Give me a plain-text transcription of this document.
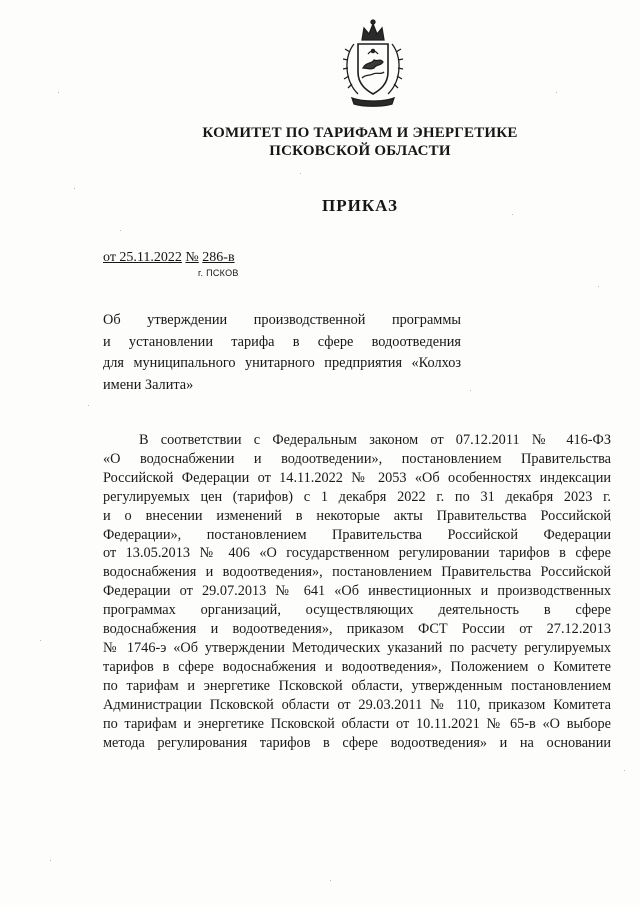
КОМИТЕТ ПО ТАРИФАМ И ЭНЕРГЕТИКЕ
ПСКОВСКОЙ ОБЛАСТИ
ПРИКАЗ
от 25.11.2022 № 286-в
г. ПСКОВ

Об утверждении производственной программы

и установлении тарифа в сфере водоотведения

для муниципального унитарного предприятия «Колхоз

имени Залита»

В соответствии с Федеральным законом от 07.12.2011 № 416-ФЗ
«О водоснабжении и водоотведении», постановлением Правительства
Российской Федерации от 14.11.2022 № 2053 «Об особенностях индексации
регулируемых цен (тарифов) с 1 декабря 2022 г. по 31 декабря 2023 г.
и о внесении изменений в некоторые акты Правительства Российской
Федерации», постановлением Правительства Российской Федерации
от 13.05.2013 № 406 «О государственном регулировании тарифов в сфере
водоснабжения и водоотведения», постановлением Правительства Российской
Федерации от 29.07.2013 № 641 «Об инвестиционных и производственных
программах организаций, осуществляющих деятельность в сфере
водоснабжения и водоотведения», приказом ФСТ России от 27.12.2013
№ 1746-э «Об утверждении Методических указаний по расчету регулируемых
тарифов в сфере водоснабжения и водоотведения», Положением о Комитете
по тарифам и энергетике Псковской области, утвержденным постановлением
Администрации Псковской области от 29.03.2011 № 110, приказом Комитета
по тарифам и энергетике Псковской области от 10.11.2021 № 65-в «О выборе
метода регулирования тарифов в сфере водоотведения» и на основании
